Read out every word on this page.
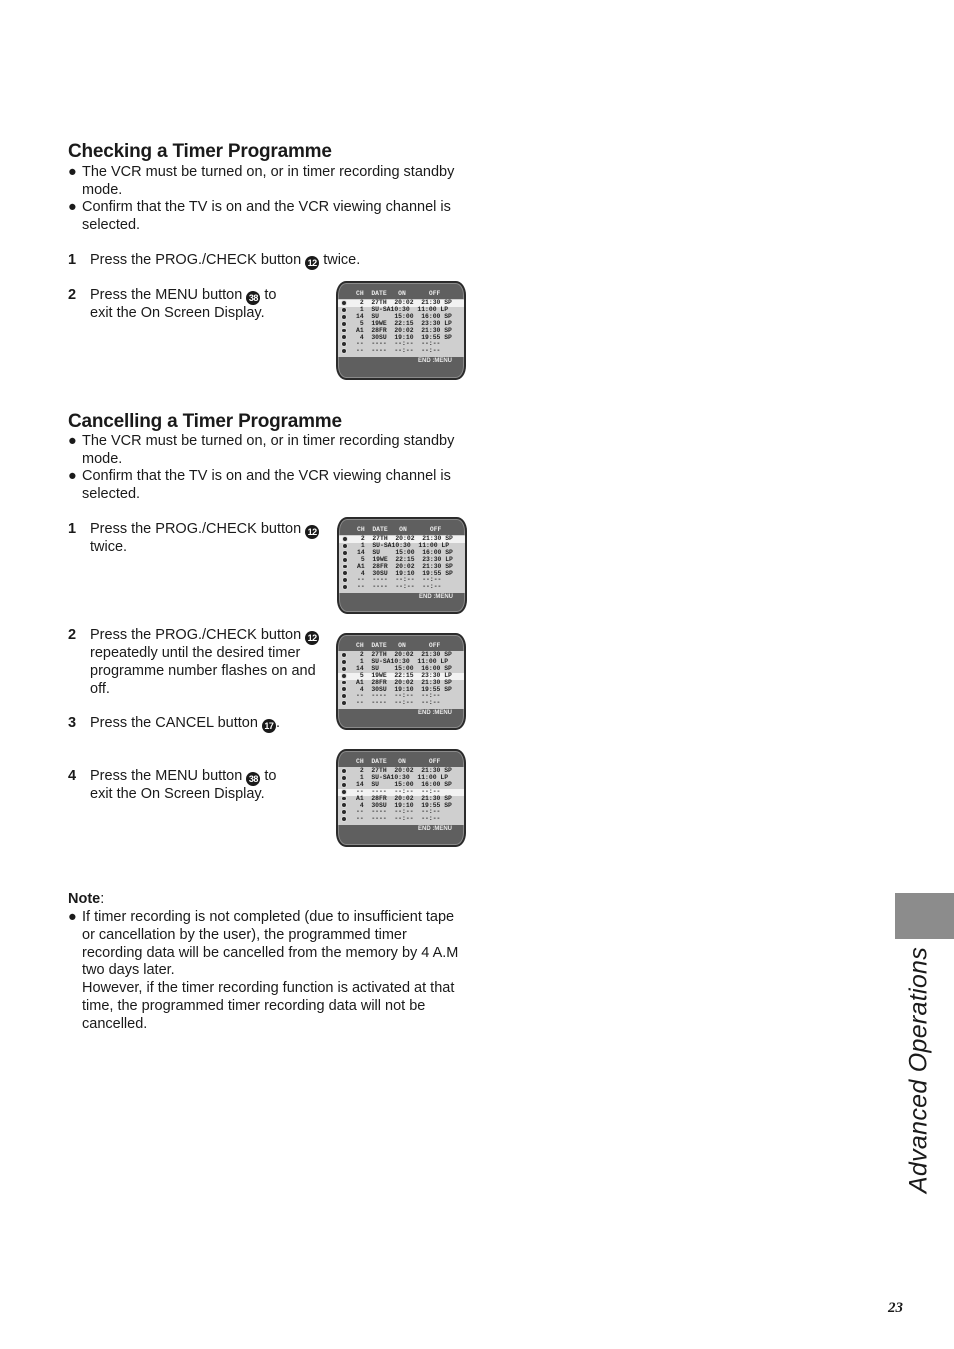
Checking a Timer Programme
● The VCR must be turned on, or in timer recording standby mode.
● Confirm that the TV is on and the VCR viewing channel is selected.
1 Press the PROG./CHECK button 12 twice.
2 Press the MENU button 38 to exit the On Screen Display.
CH  DATE   ON      OFF
2  27TH  20:02  21:30 SP
1  SU-SA10:30  11:00 LP
14  SU    15:00  16:00 SP
5  19WE  22:15  23:30 LP
A1  28FR  20:02  21:30 SP
4  30SU  19:10  19:55 SP
--  ----  --:--  --:--
--  ----  --:--  --:--
END :MENU
Cancelling a Timer Programme
● The VCR must be turned on, or in timer recording standby mode.
● Confirm that the TV is on and the VCR viewing channel is selected.
1 Press the PROG./CHECK button 12 twice.
CH  DATE   ON      OFF
2  27TH  20:02  21:30 SP
1  SU-SA10:30  11:00 LP
14  SU    15:00  16:00 SP
5  19WE  22:15  23:30 LP
A1  28FR  20:02  21:30 SP
4  30SU  19:10  19:55 SP
--  ----  --:--  --:--
--  ----  --:--  --:--
END :MENU
2 Press the PROG./CHECK button 12 repeatedly until the desired timer programme number flashes on and off.
3 Press the CANCEL button 17 .
CH  DATE   ON      OFF
2  27TH  20:02  21:30 SP
1  SU-SA10:30  11:00 LP
14  SU    15:00  16:00 SP
5  19WE  22:15  23:30 LP
A1  28FR  20:02  21:30 SP
4  30SU  19:10  19:55 SP
--  ----  --:--  --:--
--  ----  --:--  --:--
END :MENU
4 Press the MENU button 38 to exit the On Screen Display.
CH  DATE   ON      OFF
2  27TH  20:02  21:30 SP
1  SU-SA10:30  11:00 LP
14  SU    15:00  16:00 SP
--  ----  --:--  --:--
A1  28FR  20:02  21:30 SP
4  30SU  19:10  19:55 SP
--  ----  --:--  --:--
--  ----  --:--  --:--
END :MENU
Note:
● If timer recording is not completed (due to insufficient tape or cancellation by the user), the programmed timer recording data will be cancelled from the memory by 4 A.M two days later.
However, if the timer recording function is activated at that time, the programmed timer recording data will not be cancelled.	Advanced Operations
23
